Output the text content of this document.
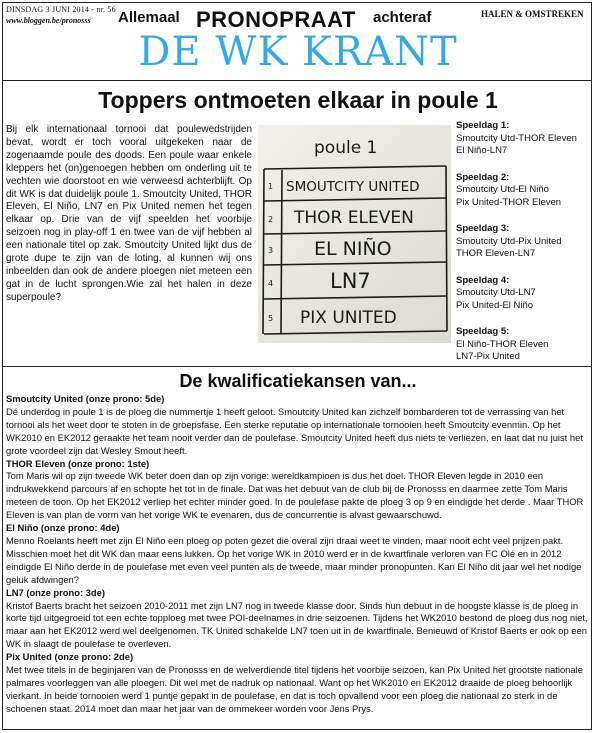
DINSDAG 3 JUNI 2014 - nr. 56
www.bloggen.be/pronosss Allemaal PRONOPRAAT achteraf	HALEN & OMSTREKEN
DE WK KRANT
Toppers ontmoeten elkaar in poule 1
Bij elk internationaal tornooi dat poulewedstrijden bevat, wordt er toch vooral uitgekeken naar de zogenaamde poule des doods. Een poule waar enkele kleppers het (on)genoegen hebben om onderling uit te vechten wie doorstoot en wie verweesd achterblijft. Op dit WK is dat duidelijk poule 1. Smoutcity United, THOR Eleven, El Niño, LN7 en Pix United nemen het tegen elkaar op. Drie van de vijf speelden het voorbije seizoen nog in play-off 1 en twee van de vijf hebben al een nationale titel op zak. Smoutcity United lijkt dus de grote dupe te zijn van de loting, al kunnen wij ons inbeelden dan ook de andere ploegen niet meteen een gat in de lucht sprongen.Wie zal het halen in deze superpoule?
poule 1
1
2
3
4
5
SMOUTCITY UNITED
THOR ELEVEN
EL NIÑO
LN7
PIX UNITED
Speeldag 1:
Smoutcity Utd-THOR Eleven
El Niño-LN7
Speeldag 2:
Smoutcity Utd-El Niño
Pix United-THOR Eleven
Speeldag 3:
Smoutcity Utd-Pix United
THOR Eleven-LN7
Speeldag 4:
Smoutcity Utd-LN7
Pix United-El Niño
Speeldag 5:
El Niño-THOR Eleven
LN7-Pix United
De kwalificatiekansen van...
Smoutcity United (onze prono: 5de)

Dé underdog in poule 1 is de ploeg die nummertje 1 heeft geloot. Smoutcity United kan zichzelf bombarderen tot de verrassing van het tornooi als het weet door te stoten in de groepsfase. Een sterke reputatie op internationale tornooien heeft Smoutcity evenmin. Op het WK2010 en EK2012 geraakte het team nooit verder dan de poulefase. Smoutcity United heeft dus niets te verliezen, en laat dat nu juist het grote voordeel zijn dat Wesley Smout heeft.

THOR Eleven (onze prono: 1ste)

Tom Maris wil op zijn tweede WK beter doen dan op zijn vorige: wereldkampioen is dus het doel. THOR Eleven legde in 2010 een indrukwekkend parcours af en schopte het tot in de finale. Dat was het debuut van de club bij de Pronosss en daarmee zette Tom Maris meteen de toon. Op het EK2012 verliep het echter minder goed. In de poulefase pakte de ploeg 3 op 9 en eindigde het derde . Maar THOR Eleven is van plan de vorm van het vorige WK te evenaren, dus de concurrentie is alvast gewaarschuwd.

El Niño (onze prono: 4de)

Menno Roelants heeft met zijn El Niño een ploeg op poten gezet die overal zijn draai weet te vinden, maar nooit echt veel prijzen pakt. Misschien moet het dit WK dan maar eens lukken. Op het vorige WK in 2010 werd er in de kwartfinale verloren van FC Olé en in 2012 eindigde El Niño derde in de poulefase met even veel punten als de tweede, maar minder pronopunten. Kan El Niño dit jaar wel het nodige geluk afdwingen?

LN7 (onze prono: 3de)

Kristof Baerts bracht het seizoen 2010-2011 met zijn LN7 nog in tweede klasse door. Sinds hun debuut in de hoogste klasse is de ploeg in korte tijd uitgegroeid tot een echte topploeg met twee POI-deelnames in drie seizoenen. Tijdens het WK2010 bestond de ploeg dus nog niet, maar aan het EK2012 werd wel deelgenomen. TK United schakelde LN7 toen uit in de kwartfinale. Benieuwd of Kristof Baerts er ook op een WK in slaagt de poulefase te overleven.

Pix United (onze prono: 2de)

Met twee titels in de beginjaren van de Pronosss en de welverdiende titel tijdens het voorbije seizoen, kan Pix United het grootste nationale palmares voorleggen van alle ploegen. Dit wel met de nadruk op nationaal. Want op het WK2010 en EK2012 draaide de ploeg behoorlijk vierkant. In beide tornooien werd 1 puntje gepakt in de poulefase, en dat is toch opvallend voor een ploeg die nationaal zo sterk in de schoenen staat. 2014 moet dan maar het jaar van de ommekeer worden voor Jens Prys.
